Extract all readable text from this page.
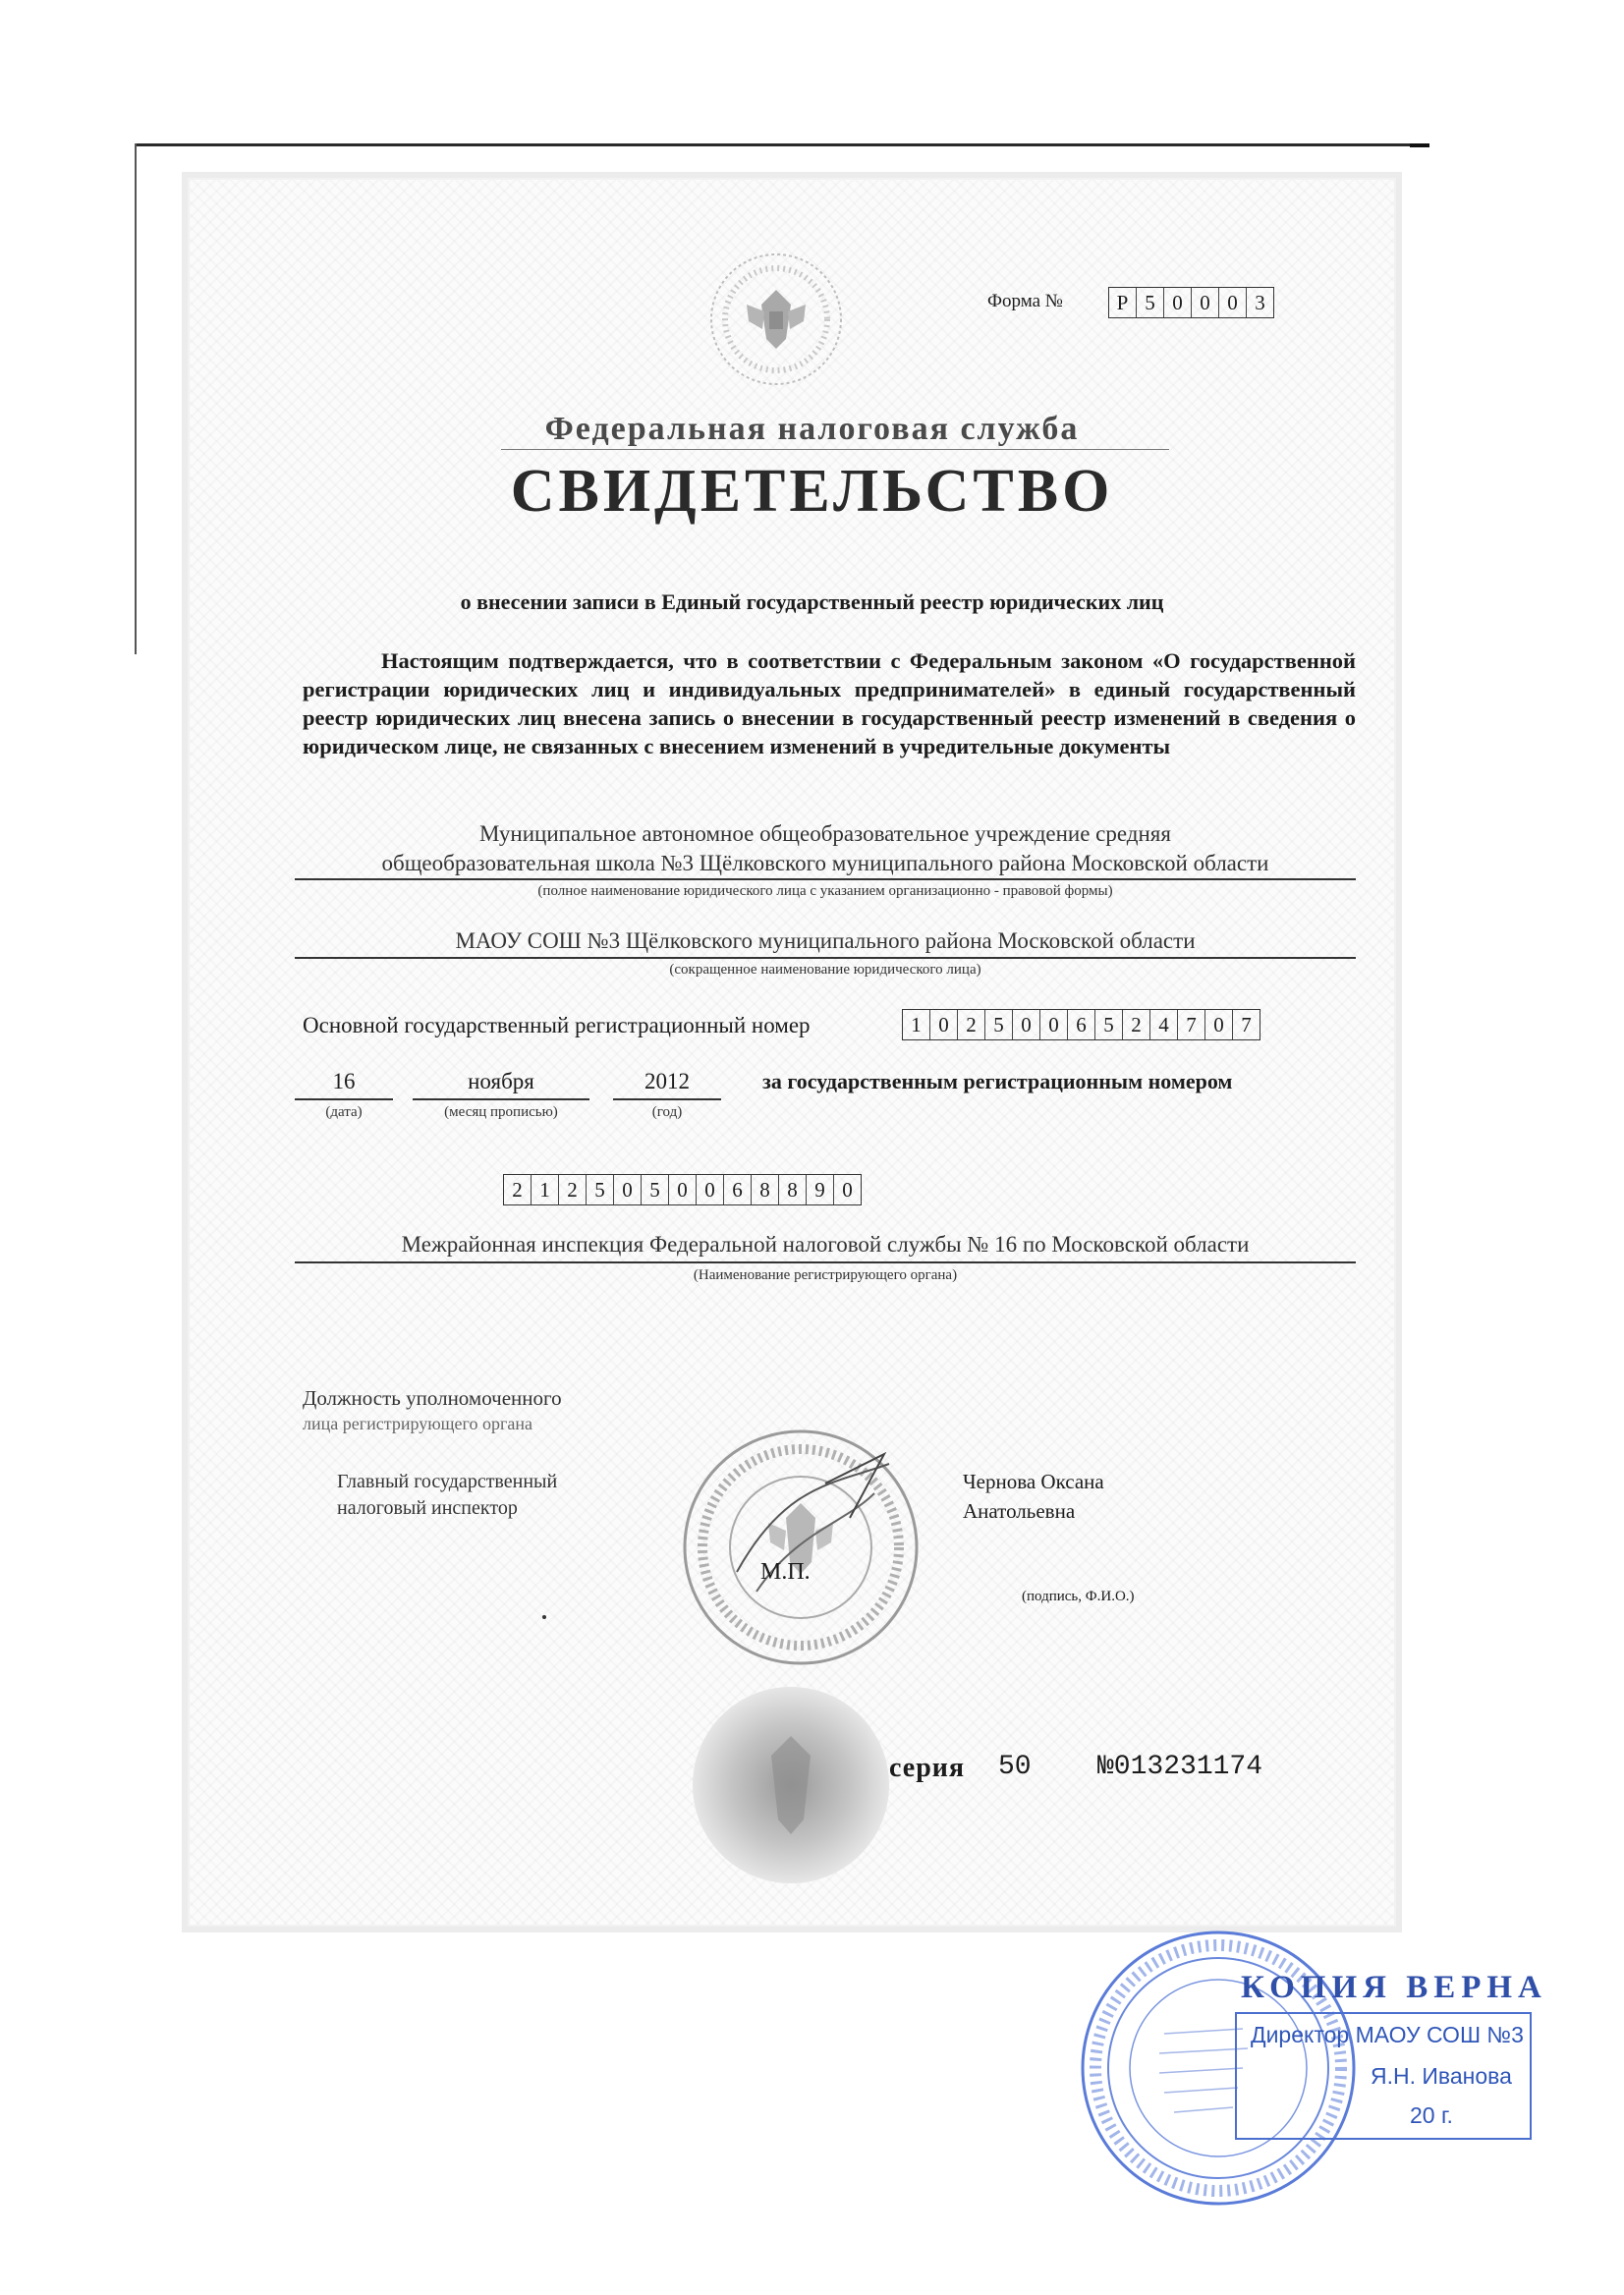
Форма №	Р 5 0 0 0 3
Федеральная налоговая служба
СВИДЕТЕЛЬСТВО
о внесении записи в Единый государственный реестр юридических лиц
Настоящим подтверждается, что в соответствии с Федеральным законом «О государственной регистрации юридических лиц и индивидуальных предпринимателей» в единый государственный реестр юридических лиц внесена запись о внесении в государственный реестр изменений в сведения о юридическом лице, не связанных с внесением изменений в учредительные документы
Муниципальное автономное общеобразовательное учреждение средняя
общеобразовательная школа №3 Щёлковского муниципального района Московской области
(полное наименование юридического лица с указанием организационно - правовой формы)
МАОУ СОШ №3 Щёлковского муниципального района Московской области
(сокращенное наименование юридического лица)
Основной государственный регистрационный номер	1 0 2 5 0 0 6 5 2 4 7 0 7
16
(дата)
ноября
(месяц прописью)
2012
(год)
за государственным регистрационным номером
2 1 2 5 0 5 0 0 6 8 8 9 0
Межрайонная инспекция Федеральной налоговой службы № 16 по Московской области
(Наименование регистрирующего органа)
Должность уполномоченного
лица регистрирующего органа
Главный государственный
налоговый инспектор
М.П.
Чернова Оксана
Анатольевна
(подпись, Ф.И.О.)
серия 50 №013231174
КОПИЯ ВЕРНА
Директор МАОУ СОШ №3
Я.Н. Иванова
20 г.
